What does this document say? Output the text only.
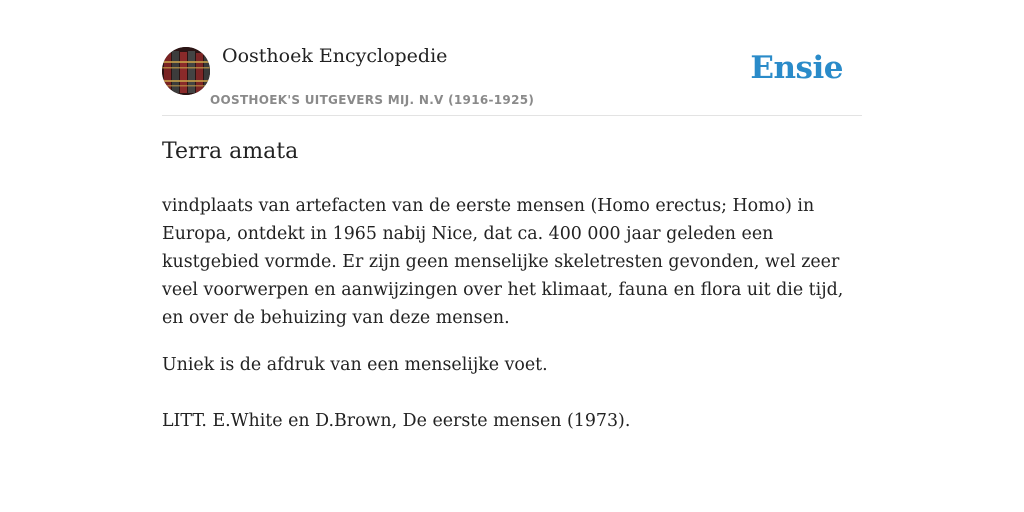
Oosthoek Encyclopedie
OOSTHOEK'S UITGEVERS MIJ. N.V (1916-1925)
Ensie
Terra amata

vindplaats van artefacten van de eerste mensen (Homo erectus; Homo) in Europa, ontdekt in 1965 nabij Nice, dat ca. 400 000 jaar geleden een kustgebied vormde. Er zijn geen menselijke skeletresten gevonden, wel zeer veel voorwerpen en aanwijzingen over het klimaat, fauna en flora uit die tijd, en over de behuizing van deze mensen.

Uniek is de afdruk van een menselijke voet.

LITT. E.White en D.Brown, De eerste mensen (1973).
